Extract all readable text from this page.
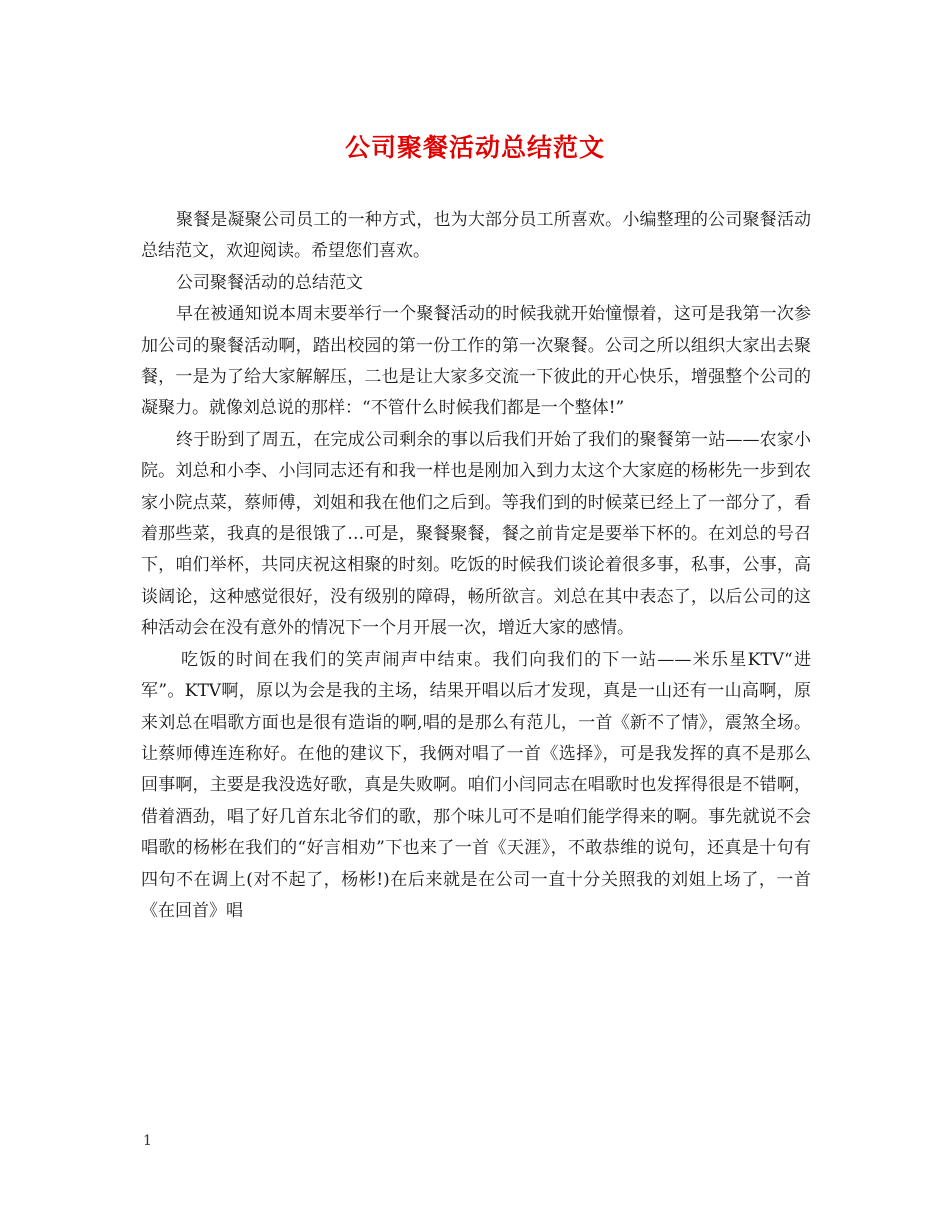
公司聚餐活动总结范文

聚餐是凝聚公司员工的一种方式，也为大部分员工所喜欢。小编整理的公司聚餐活动总结范文，欢迎阅读。希望您们喜欢。

公司聚餐活动的总结范文

早在被通知说本周末要举行一个聚餐活动的时候我就开始憧憬着，这可是我第一次参加公司的聚餐活动啊，踏出校园的第一份工作的第一次聚餐。公司之所以组织大家出去聚餐，一是为了给大家解解压，二也是让大家多交流一下彼此的开心快乐，增强整个公司的凝聚力。就像刘总说的那样：“不管什么时候我们都是一个整体!”

终于盼到了周五，在完成公司剩余的事以后我们开始了我们的聚餐第一站——农家小院。刘总和小李、小闫同志还有和我一样也是刚加入到力太这个大家庭的杨彬先一步到农家小院点菜，蔡师傅，刘姐和我在他们之后到。等我们到的时候菜已经上了一部分了，看着那些菜，我真的是很饿了…可是，聚餐聚餐，餐之前肯定是要举下杯的。在刘总的号召下，咱们举杯，共同庆祝这相聚的时刻。吃饭的时候我们谈论着很多事，私事，公事，高谈阔论，这种感觉很好，没有级别的障碍，畅所欲言。刘总在其中表态了，以后公司的这种活动会在没有意外的情况下一个月开展一次，增近大家的感情。

吃饭的时间在我们的笑声闹声中结束。我们向我们的下一站——米乐星KTV“进军”。KTV啊，原以为会是我的主场，结果开唱以后才发现，真是一山还有一山高啊，原来刘总在唱歌方面也是很有造诣的啊,唱的是那么有范儿，一首《新不了情》，震煞全场。让蔡师傅连连称好。在他的建议下，我俩对唱了一首《选择》，可是我发挥的真不是那么回事啊，主要是我没选好歌，真是失败啊。咱们小闫同志在唱歌时也发挥得很是不错啊，借着酒劲，唱了好几首东北爷们的歌，那个味儿可不是咱们能学得来的啊。事先就说不会唱歌的杨彬在我们的“好言相劝”下也来了一首《天涯》，不敢恭维的说句，还真是十句有四句不在调上(对不起了，杨彬!)在后来就是在公司一直十分关照我的刘姐上场了，一首《在回首》唱

1
